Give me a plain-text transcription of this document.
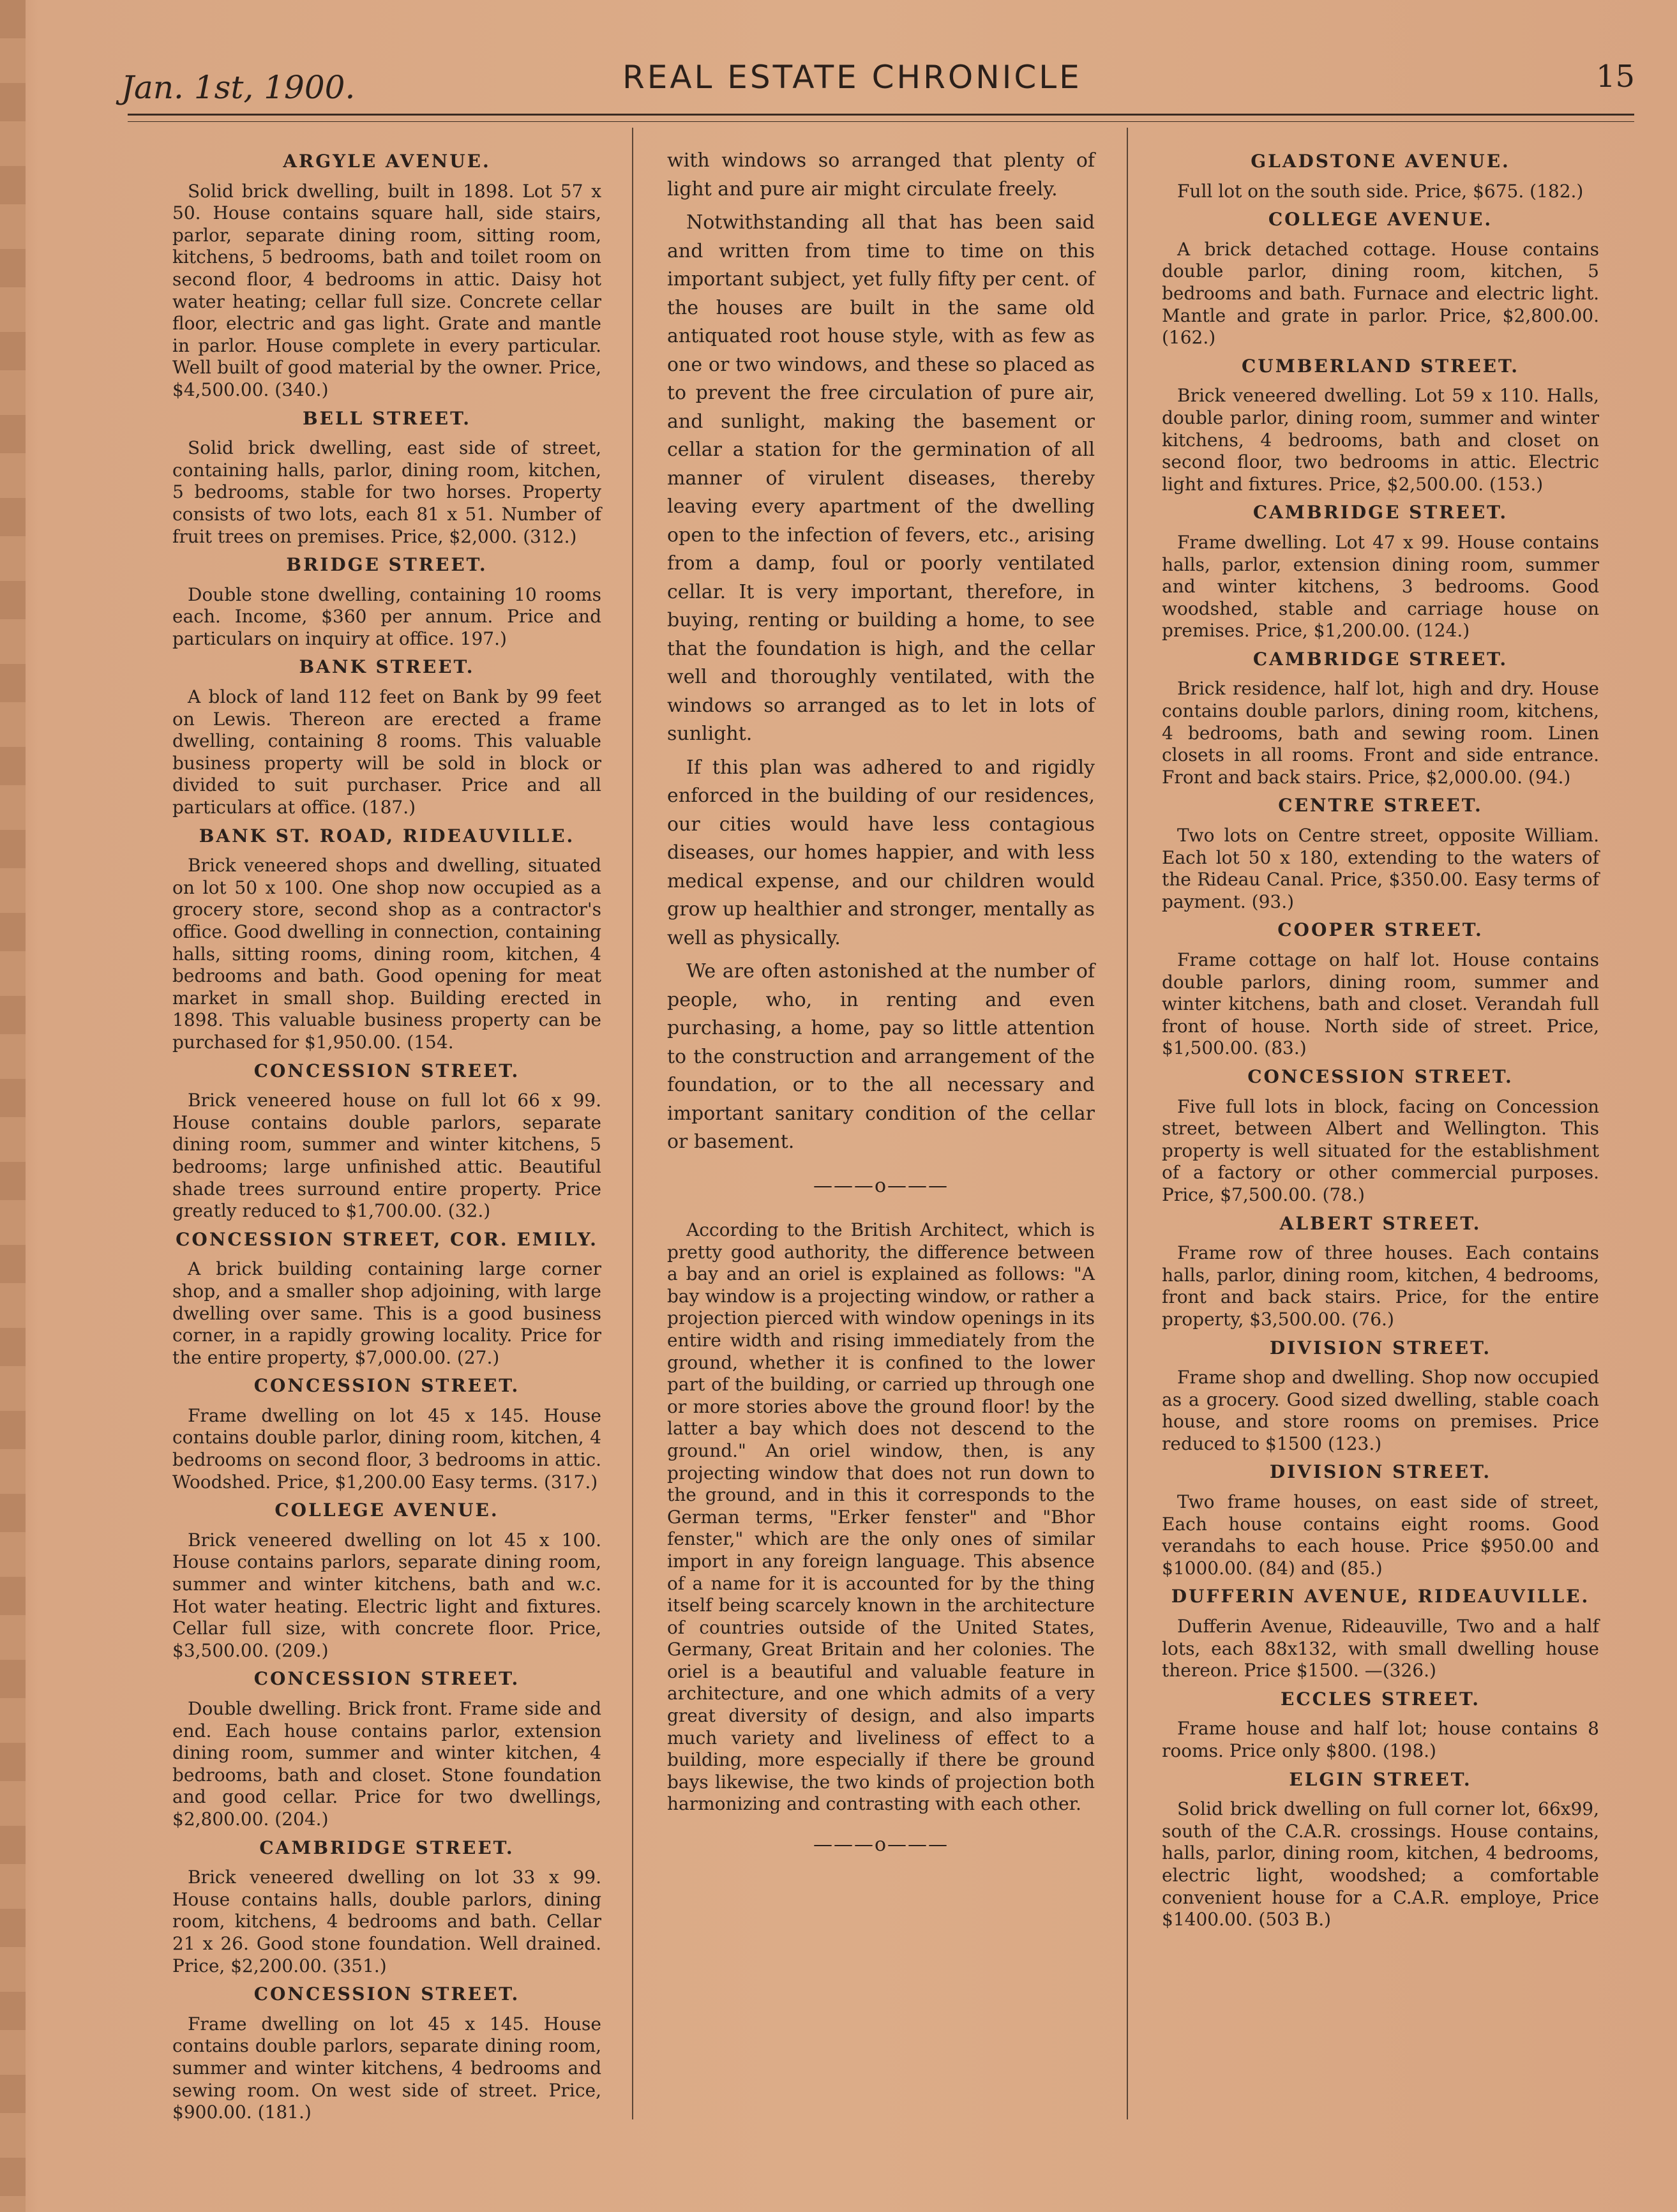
Jan. 1st, 1900.	REAL ESTATE CHRONICLE	15
ARGYLE AVENUE.
Solid brick dwelling, built in 1898. Lot 57 x 50. House contains square hall, side stairs, parlor, separate dining room, sitting room, kitchens, 5 bedrooms, bath and toilet room on second floor, 4 bedrooms in attic. Daisy hot water heating; cellar full size. Concrete cellar floor, electric and gas light. Grate and mantle in parlor. House complete in every particular. Well built of good material by the owner. Price, $4,500.00. (340.)
BELL STREET.
Solid brick dwelling, east side of street, containing halls, parlor, dining room, kitchen, 5 bedrooms, stable for two horses. Property consists of two lots, each 81 x 51. Number of fruit trees on premises. Price, $2,000. (312.)
BRIDGE STREET.
Double stone dwelling, containing 10 rooms each. Income, $360 per annum. Price and particulars on inquiry at office. 197.)
BANK STREET.
A block of land 112 feet on Bank by 99 feet on Lewis. Thereon are erected a frame dwelling, containing 8 rooms. This valuable business property will be sold in block or divided to suit purchaser. Price and all particulars at office. (187.)
BANK ST. ROAD, RIDEAUVILLE.
Brick veneered shops and dwelling, situated on lot 50 x 100. One shop now occupied as a grocery store, second shop as a contractor's office. Good dwelling in connection, containing halls, sitting rooms, dining room, kitchen, 4 bedrooms and bath. Good opening for meat market in small shop. Building erected in 1898. This valuable business property can be purchased for $1,950.00. (154.
CONCESSION STREET.
Brick veneered house on full lot 66 x 99. House contains double parlors, separate dining room, summer and winter kitchens, 5 bedrooms; large unfinished attic. Beautiful shade trees surround entire property. Price greatly reduced to $1,700.00. (32.)
CONCESSION STREET, COR. EMILY.
A brick building containing large corner shop, and a smaller shop adjoining, with large dwelling over same. This is a good business corner, in a rapidly growing locality. Price for the entire property, $7,000.00. (27.)
CONCESSION STREET.
Frame dwelling on lot 45 x 145. House contains double parlor, dining room, kitchen, 4 bedrooms on second floor, 3 bedrooms in attic. Woodshed. Price, $1,200.00 Easy terms. (317.)
COLLEGE AVENUE.
Brick veneered dwelling on lot 45 x 100. House contains parlors, separate dining room, summer and winter kitchens, bath and w.c. Hot water heating. Electric light and fixtures. Cellar full size, with concrete floor. Price, $3,500.00. (209.)
CONCESSION STREET.
Double dwelling. Brick front. Frame side and end. Each house contains parlor, extension dining room, summer and winter kitchen, 4 bedrooms, bath and closet. Stone foundation and good cellar. Price for two dwellings, $2,800.00. (204.)
CAMBRIDGE STREET.
Brick veneered dwelling on lot 33 x 99. House contains halls, double parlors, dining room, kitchens, 4 bedrooms and bath. Cellar 21 x 26. Good stone foundation. Well drained. Price, $2,200.00. (351.)
CONCESSION STREET.
Frame dwelling on lot 45 x 145. House contains double parlors, separate dining room, summer and winter kitchens, 4 bedrooms and sewing room. On west side of street. Price, $900.00. (181.)

with windows so arranged that plenty of light and pure air might circulate freely.

Notwithstanding all that has been said and written from time to time on this important subject, yet fully fifty per cent. of the houses are built in the same old antiquated root house style, with as few as one or two windows, and these so placed as to prevent the free circulation of pure air, and sunlight, making the basement or cellar a station for the germination of all manner of virulent diseases, thereby leaving every apartment of the dwelling open to the infection of fevers, etc., arising from a damp, foul or poorly ventilated cellar. It is very important, therefore, in buying, renting or building a home, to see that the foundation is high, and the cellar well and thoroughly ventilated, with the windows so arranged as to let in lots of sunlight.

If this plan was adhered to and rigidly enforced in the building of our residences, our cities would have less contagious diseases, our homes happier, and with less medical expense, and our children would grow up healthier and stronger, mentally as well as physically.

We are often astonished at the number of people, who, in renting and even purchasing, a home, pay so little attention to the construction and arrangement of the foundation, or to the all necessary and important sanitary condition of the cellar or basement.

———o———

According to the British Architect, which is pretty good authority, the difference between a bay and an oriel is explained as follows: "A bay window is a projecting window, or rather a projection pierced with window openings in its entire width and rising immediately from the ground, whether it is confined to the lower part of the building, or carried up through one or more stories above the ground floor! by the latter a bay which does not descend to the ground." An oriel window, then, is any projecting window that does not run down to the ground, and in this it corresponds to the German terms, "Erker fenster" and "Bhor fenster," which are the only ones of similar import in any foreign language. This absence of a name for it is accounted for by the thing itself being scarcely known in the architecture of countries outside of the United States, Germany, Great Britain and her colonies. The oriel is a beautiful and valuable feature in architecture, and one which admits of a very great diversity of design, and also imparts much variety and liveliness of effect to a building, more especially if there be ground bays likewise, the two kinds of projection both harmonizing and contrasting with each other.

———o———
GLADSTONE AVENUE.
Full lot on the south side. Price, $675. (182.)
COLLEGE AVENUE.
A brick detached cottage. House contains double parlor, dining room, kitchen, 5 bedrooms and bath. Furnace and electric light. Mantle and grate in parlor. Price, $2,800.00. (162.)
CUMBERLAND STREET.
Brick veneered dwelling. Lot 59 x 110. Halls, double parlor, dining room, summer and winter kitchens, 4 bedrooms, bath and closet on second floor, two bedrooms in attic. Electric light and fixtures. Price, $2,500.00. (153.)
CAMBRIDGE STREET.
Frame dwelling. Lot 47 x 99. House contains halls, parlor, extension dining room, summer and winter kitchens, 3 bedrooms. Good woodshed, stable and carriage house on premises. Price, $1,200.00. (124.)
CAMBRIDGE STREET.
Brick residence, half lot, high and dry. House contains double parlors, dining room, kitchens, 4 bedrooms, bath and sewing room. Linen closets in all rooms. Front and side entrance. Front and back stairs. Price, $2,000.00. (94.)
CENTRE STREET.
Two lots on Centre street, opposite William. Each lot 50 x 180, extending to the waters of the Rideau Canal. Price, $350.00. Easy terms of payment. (93.)
COOPER STREET.
Frame cottage on half lot. House contains double parlors, dining room, summer and winter kitchens, bath and closet. Verandah full front of house. North side of street. Price, $1,500.00. (83.)
CONCESSION STREET.
Five full lots in block, facing on Concession street, between Albert and Wellington. This property is well situated for the establishment of a factory or other commercial purposes. Price, $7,500.00. (78.)
ALBERT STREET.
Frame row of three houses. Each contains halls, parlor, dining room, kitchen, 4 bedrooms, front and back stairs. Price, for the entire property, $3,500.00. (76.)
DIVISION STREET.
Frame shop and dwelling. Shop now occupied as a grocery. Good sized dwelling, stable coach house, and store rooms on premises. Price reduced to $1500 (123.)
DIVISION STREET.
Two frame houses, on east side of street, Each house contains eight rooms. Good verandahs to each house. Price $950.00 and $1000.00. (84) and (85.)
DUFFERIN AVENUE, RIDEAUVILLE.
Dufferin Avenue, Rideauville, Two and a half lots, each 88x132, with small dwelling house thereon. Price $1500. —(326.)
ECCLES STREET.
Frame house and half lot; house contains 8 rooms. Price only $800. (198.)
ELGIN STREET.
Solid brick dwelling on full corner lot, 66x99, south of the C.A.R. crossings. House contains, halls, parlor, dining room, kitchen, 4 bedrooms, electric light, woodshed; a comfortable convenient house for a C.A.R. employe, Price $1400.00. (503 B.)
